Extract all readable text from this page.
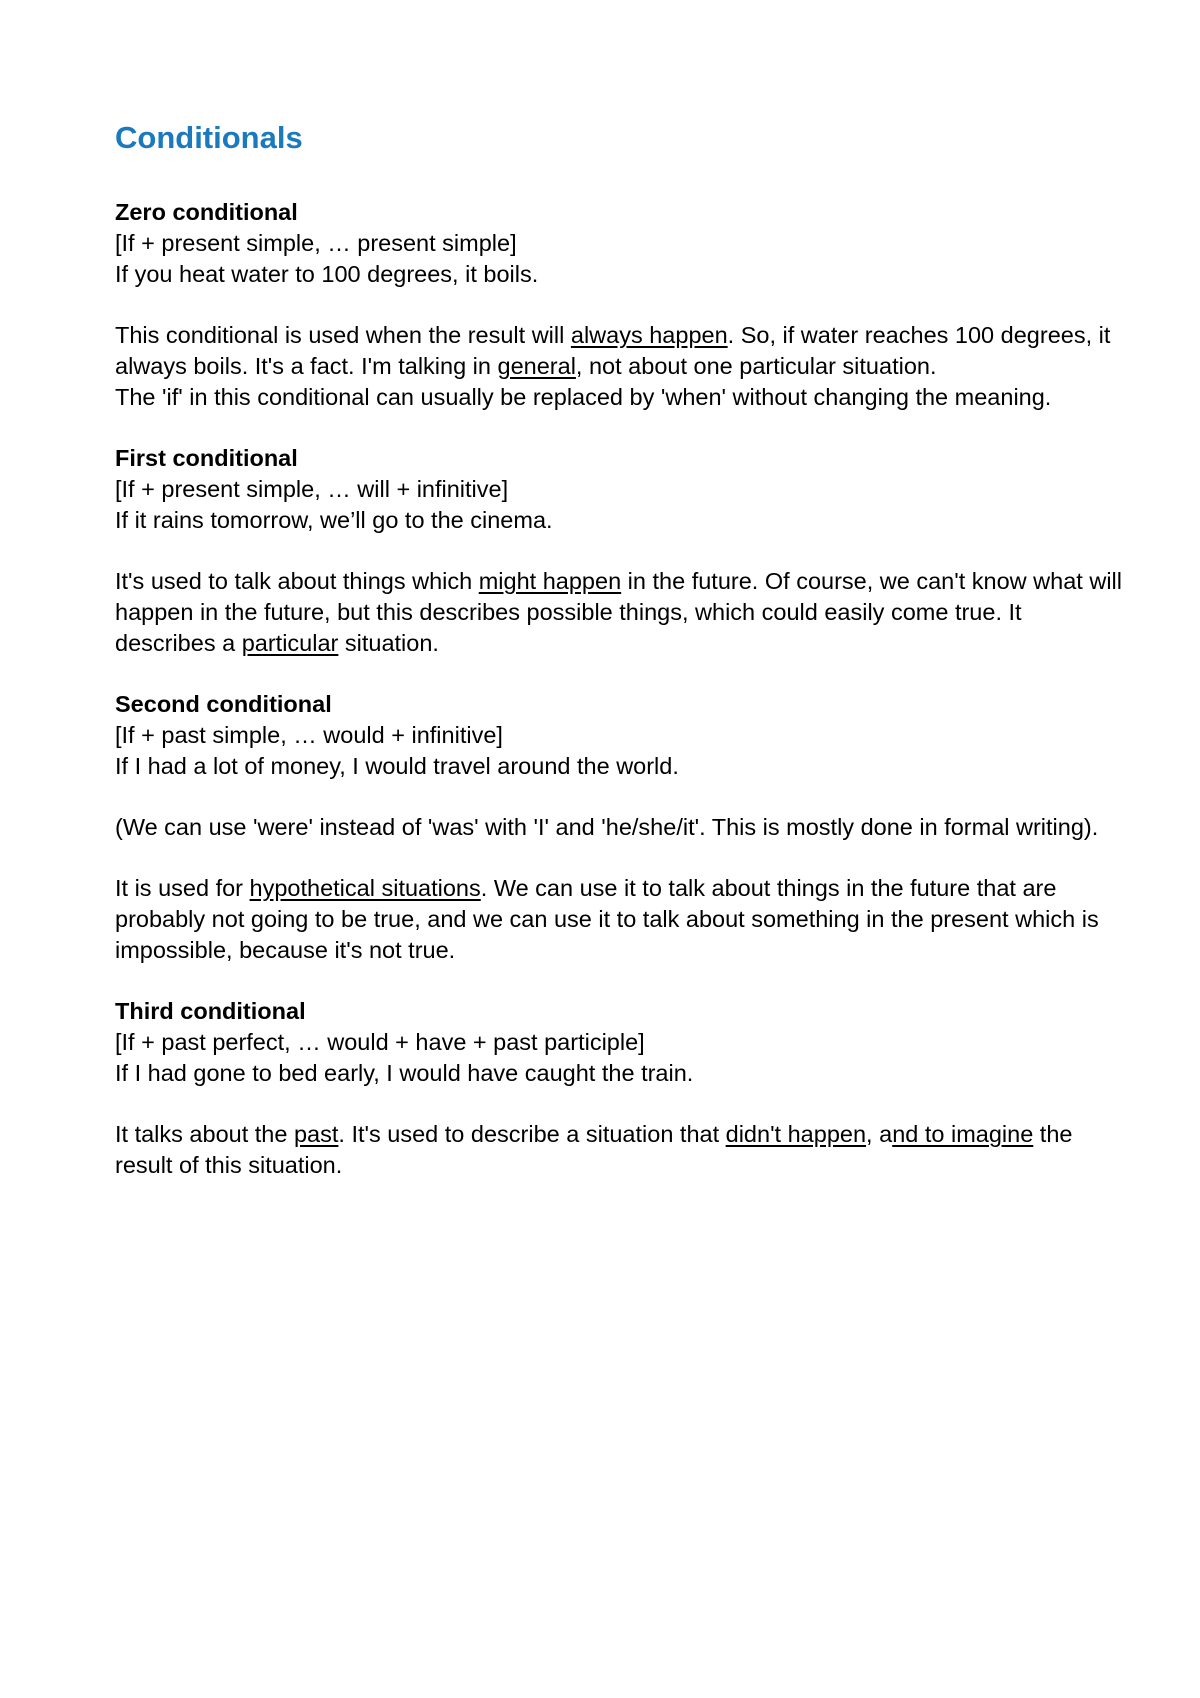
Conditionals

Zero conditional

[If + present simple, … present simple]

If you heat water to 100 degrees, it boils.

This conditional is used when the result will always happen. So, if water reaches 100 degrees, it always boils. It's a fact. I'm talking in general, not about one particular situation.

The 'if' in this conditional can usually be replaced by 'when' without changing the meaning.

First conditional

[If + present simple, … will + infinitive]

If it rains tomorrow, we’ll go to the cinema.

It's used to talk about things which might happen in the future. Of course, we can't know what will happen in the future, but this describes possible things, which could easily come true. It describes a particular situation.

Second conditional

[If + past simple, … would + infinitive]

If I had a lot of money, I would travel around the world.

(We can use 'were' instead of 'was' with 'I' and 'he/she/it'. This is mostly done in formal writing).

It is used for hypothetical situations. We can use it to talk about things in the future that are probably not going to be true, and we can use it to talk about something in the present which is impossible, because it's not true.

Third conditional

[If + past perfect, … would + have + past participle]

If I had gone to bed early, I would have caught the train.

It talks about the past. It's used to describe a situation that didn't happen, and to imagine the result of this situation.
